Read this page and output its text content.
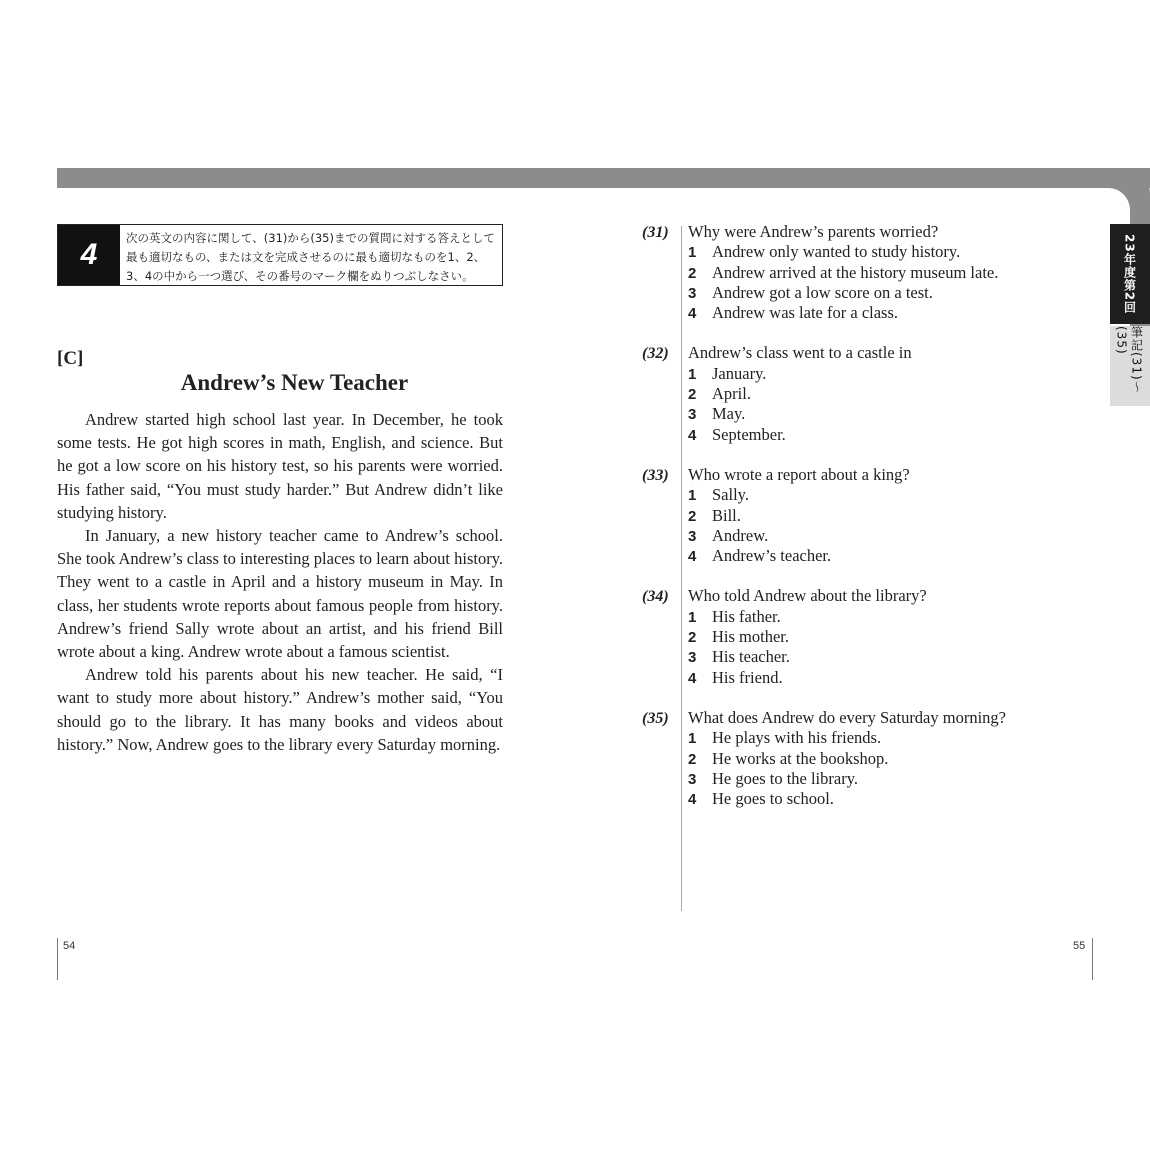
4	次の英文の内容に関して、(31)から(35)までの質問に対する答えとして最も適切なもの、または文を完成させるのに最も適切なものを1、2、3、4の中から一つ選び、その番号のマーク欄をぬりつぶしなさい。
[C]
Andrew’s New Teacher

Andrew started high school last year. In December, he took some tests. He got high scores in math, English, and science. But he got a low score on his history test, so his parents were worried. His father said, “You must study harder.” But Andrew didn’t like studying history.

In January, a new history teacher came to Andrew’s school. She took Andrew’s class to interesting places to learn about history. They went to a castle in April and a history museum in May. In class, her students wrote reports about famous people from history. Andrew’s friend Sally wrote about an artist, and his friend Bill wrote about a king. Andrew wrote about a famous scientist.

Andrew told his parents about his new teacher. He said, “I want to study more about history.” Andrew’s mother said, “You should go to the library. It has many books and videos about history.” Now, Andrew goes to the library every Saturday morning.

54
(31)	Why were Andrew’s parents worried?
1 Andrew only wanted to study history.
2 Andrew arrived at the history museum late.
3 Andrew got a low score on a test.
4 Andrew was late for a class.
(32)	Andrew’s class went to a castle in
1 January.
2 April.
3 May.
4 September.
(33)	Who wrote a report about a king?
1 Sally.
2 Bill.
3 Andrew.
4 Andrew’s teacher.
(34)	Who told Andrew about the library?
1 His father.
2 His mother.
3 His teacher.
4 His friend.
(35)	What does Andrew do every Saturday morning?
1 He plays with his friends.
2 He works at the bookshop.
3 He goes to the library.
4 He goes to school.
23年度第2回
筆記(31)〜(35)
55
